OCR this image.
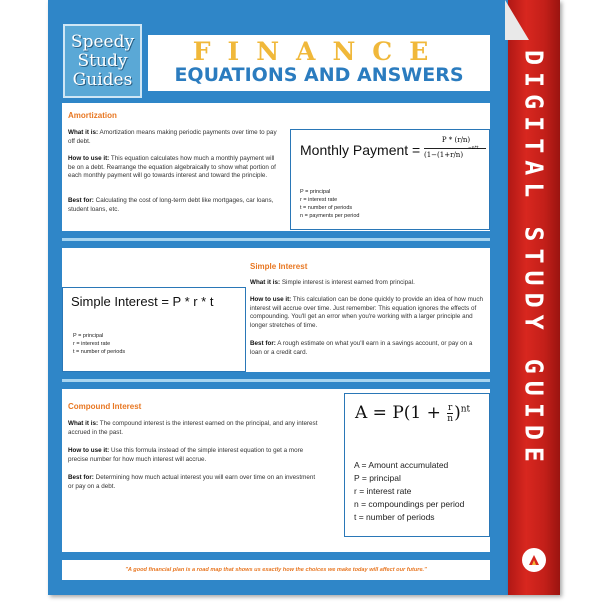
DIGITAL STUDY GUIDE
Speedy
Study
Guides
FINANCE
EQUATIONS AND ANSWERS
Amortization
What it is: Amortization means making periodic payments over time to pay off debt.
How to use it: This equation calculates how much a monthly payment will be on a debt. Rearrange the equation algebraically to show what portion of each monthly payment will go towards interest and toward the principle.
Best for: Calculating the cost of long-term debt like mortgages, car loans, student loans, etc.
Monthly Payment =
P * (r/n)
(1−(1+r/n)
−n*t
P = principal
r = interest rate
t = number of periods
n = payments per period
Simple Interest = P * r * t
P = principal
r = interest rate
t = number of periods
Simple Interest
What it is: Simple interest is interest earned from principal.
How to use it: This calculation can be done quickly to provide an idea of how much interest will accrue over time. Just remember: This equation ignores the effects of compounding. You'll get an error when you're working with a larger principle and longer stretches of time.
Best for: A rough estimate on what you'll earn in a savings account, or pay on a loan or a credit card.
Compound Interest
What it is: The compound interest is the interest earned on the principal, and any interest accrued in the past.
How to use it: Use this formula instead of the simple interest equation to get a more precise number for how much interest will accrue.
Best for: Determining how much actual interest you will earn over time on an investment or pay on a debt.
$A = P(1 + \frac{r}{n} )^{nt}$
A = Amount accumulated
P = principal
r = interest rate
n = compoundings per period
t = number of periods
"A good financial plan is a road map that shows us exactly how the choices we make today will affect our future."
